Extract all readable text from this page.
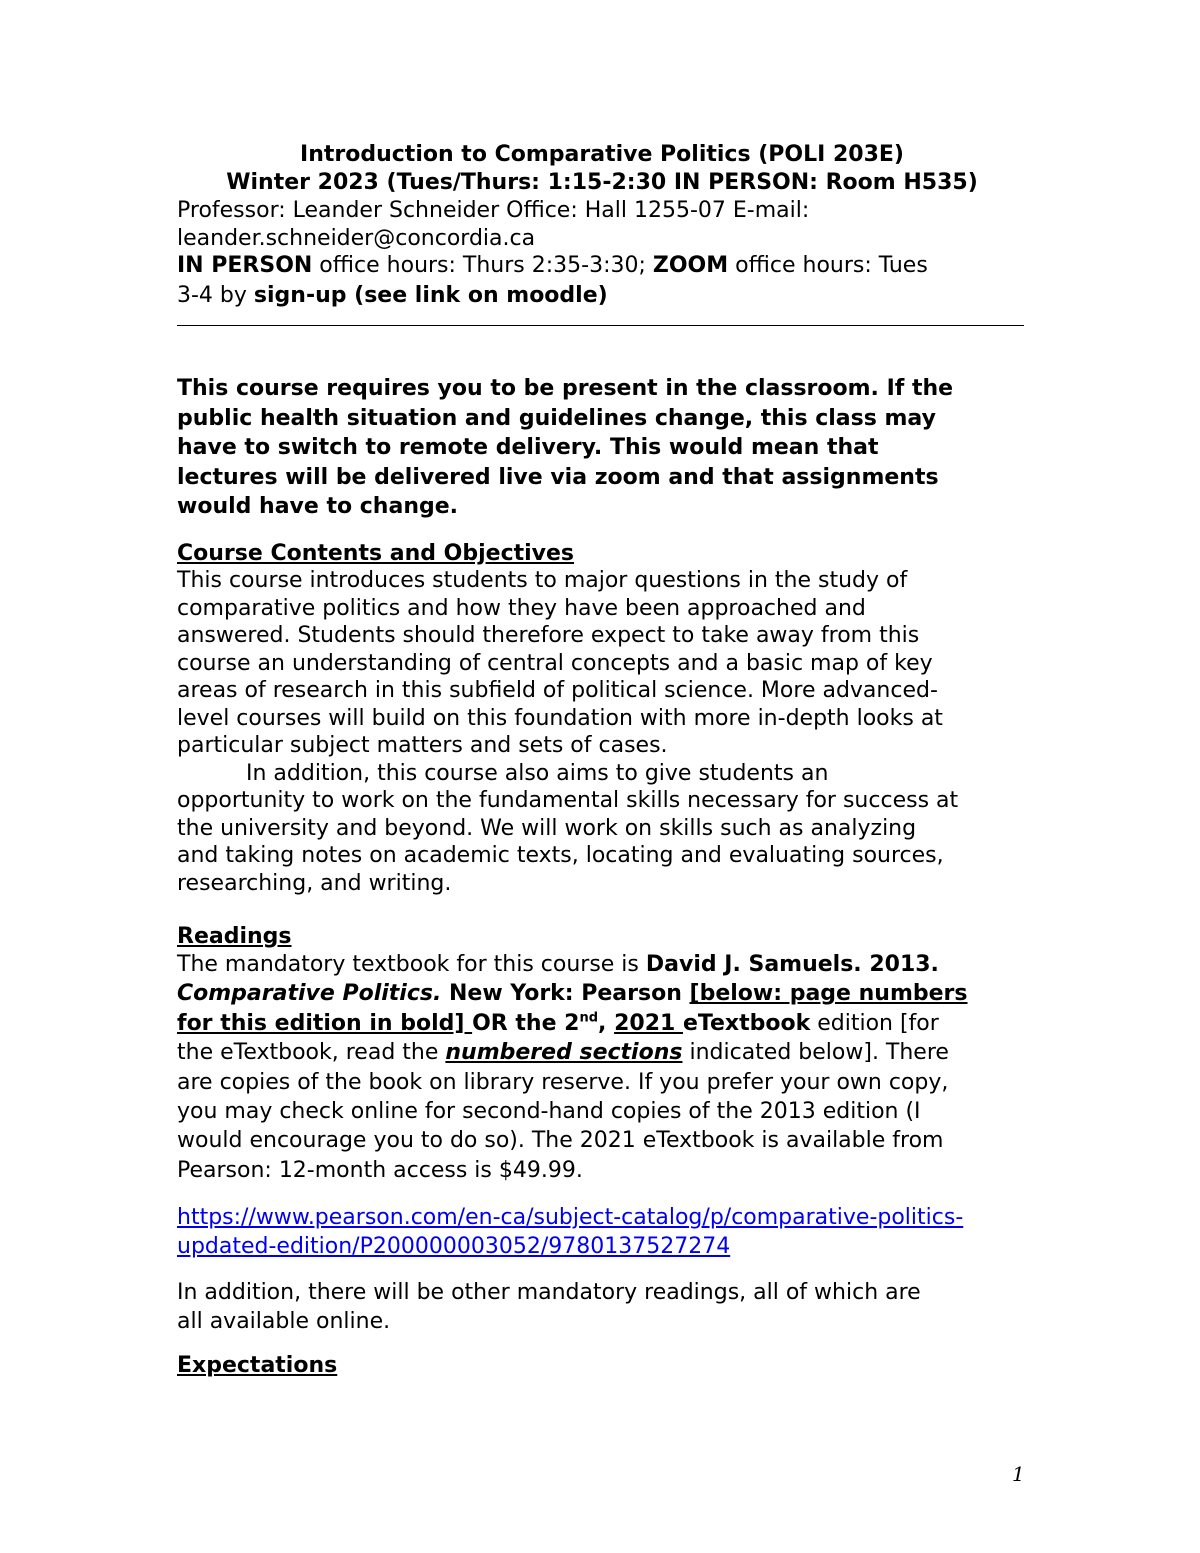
Introduction to Comparative Politics (POLI 203E)
Winter 2023 (Tues/Thurs: 1:15-2:30 IN PERSON: Room H535)
Professor: Leander Schneider Office: Hall 1255-07 E-mail:
leander.schneider@concordia.ca
IN PERSON office hours: Thurs 2:35-3:30; ZOOM office hours: Tues
3-4 by sign-up (see link on moodle)
This course requires you to be present in the classroom. If the
public health situation and guidelines change, this class may
have to switch to remote delivery. This would mean that
lectures will be delivered live via zoom and that assignments
would have to change.
Course Contents and Objectives
This course introduces students to major questions in the study of
comparative politics and how they have been approached and
answered. Students should therefore expect to take away from this
course an understanding of central concepts and a basic map of key
areas of research in this subfield of political science. More advanced-
level courses will build on this foundation with more in-depth looks at
particular subject matters and sets of cases.
In addition, this course also aims to give students an
opportunity to work on the fundamental skills necessary for success at
the university and beyond. We will work on skills such as analyzing
and taking notes on academic texts, locating and evaluating sources,
researching, and writing.
Readings
The mandatory textbook for this course is David J. Samuels. 2013.
Comparative Politics. New York: Pearson [below: page numbers
for this edition in bold] OR the 2nd, 2021 eTextbook edition [for
the eTextbook, read the numbered sections indicated below]. There
are copies of the book on library reserve. If you prefer your own copy,
you may check online for second-hand copies of the 2013 edition (I
would encourage you to do so). The 2021 eTextbook is available from
Pearson: 12-month access is $49.99.
https://www.pearson.com/en-ca/subject-catalog/p/comparative-politics-
updated-edition/P200000003052/9780137527274
In addition, there will be other mandatory readings, all of which are
all available online.
Expectations
1
